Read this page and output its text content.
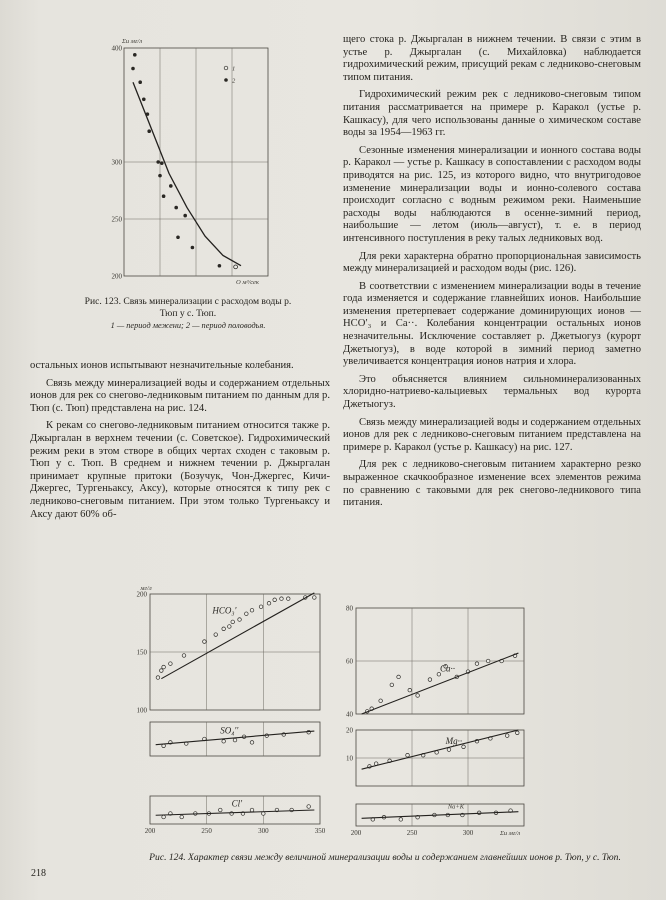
200
250
300
400
Σи мг/л
Q м³/сек
1
2
Рис. 123. Связь минерализации с расходом воды р. Тюп у с. Тюп.
1 — период межени; 2 — период половодья.

остальных ионов испытывают незначительные колебания.

Связь между минерализацией воды и содержанием отдельных ионов для рек со снегово-ледниковым питанием по данным для р. Тюп (с. Тюп) представлена на рис. 124.

К рекам со снегово-ледниковым питанием относится также р. Джыргалан в верхнем течении (с. Советское). Гидрохимический режим реки в этом створе в общих чертах сходен с таковым р. Тюп у с. Тюп. В среднем и нижнем течении р. Джыргалан принимает крупные притоки (Бозучук, Чон-Джергес, Кичи-Джергес, Тургеньаксу, Аксу), которые относятся к типу рек с ледниково-снеговым питанием. При этом только Тургеньаксу и Аксу дают 60% об-

щего стока р. Джыргалан в нижнем течении. В связи с этим в устье р. Джыргалан (с. Михайловка) наблюдается гидрохимический режим, присущий рекам с ледниково-снеговым типом питания.

Гидрохимический режим рек с ледниково-снеговым типом питания рассматривается на примере р. Каракол (устье р. Кашкасу), для чего использованы данные о химическом составе воды за 1954—1963 гг.

Сезонные изменения минерализации и ионного состава воды р. Каракол — устье р. Кашкасу в сопоставлении с расходом воды приводятся на рис. 125, из которого видно, что внутригодовое изменение минерализации воды и ионно-солевого состава происходит согласно с водным режимом реки. Наименьшие расходы воды наблюдаются в осенне-зимний период, наибольшие — летом (июль—август), т. е. в период интенсивного поступления в реку талых ледниковых вод.

Для реки характерна обратно пропорциональная зависимость между минерализацией и расходом воды (рис. 126).

В соответствии с изменением минерализации воды в течение года изменяется и содержание главнейших ионов. Наибольшие изменения претерпевает содержание доминирующих ионов — HCO′₃ и Ca··. Колебания концентрации остальных ионов незначительны. Исключение составляет р. Джетыогуз (курорт Джетыогуз), в воде которой в зимний период заметно увеличивается концентрация ионов натрия и хлора.

Это объясняется влиянием сильноминерализованных хлоридно-натриево-кальциевых термальных вод курорта Джетыогуз.

Связь между минерализацией воды и содержанием отдельных ионов для рек с ледниково-снеговым питанием представлена на примере р. Каракол (устье р. Кашкасу) на рис. 127.

Для рек с ледниково-снеговым питанием характерно резко выраженное скачкообразное изменение всех элементов режима по сравнению с таковыми для рек снегово-ледникового типа питания.

100
150
200
мг/л
HCO₃'
SO₄''
200	250	300	350
Cl'
40
60
80
Ca··
10
20
Mg··
200	250	300
Na+K
Σи мг/л
Рис. 124. Характер связи между величиной минерализации воды и содержанием главнейших ионов р. Тюп, у с. Тюп.
218
